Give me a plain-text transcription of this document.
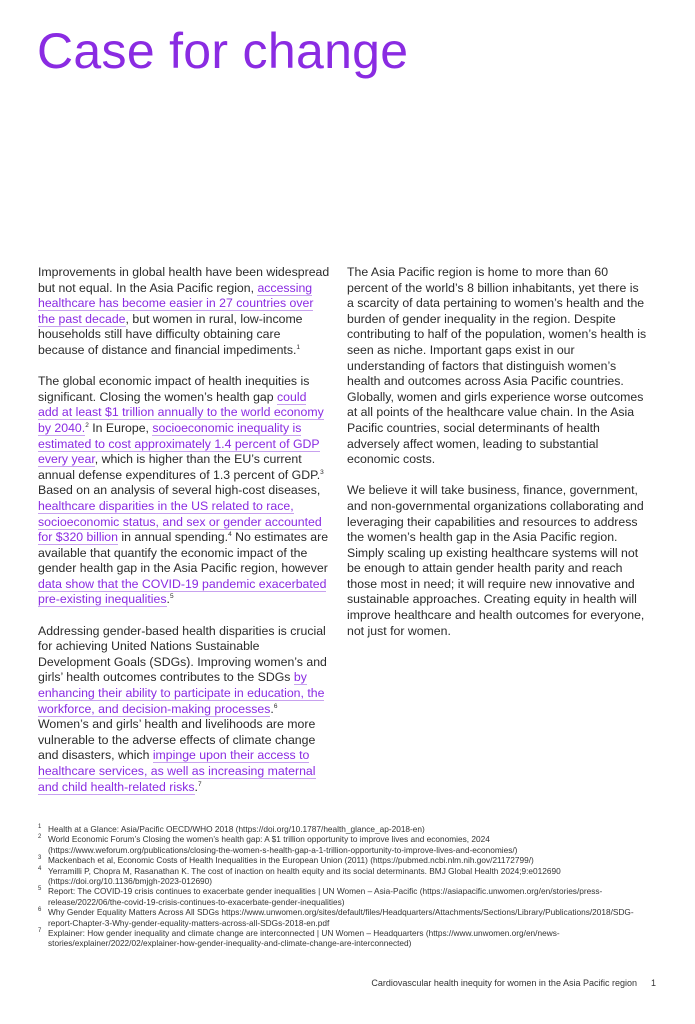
Case for change

Improvements in global health have been widespread but not equal. In the Asia Pacific region, accessing healthcare has become easier in 27 countries over the past decade, but women in rural, low-income households still have difficulty obtaining care because of distance and financial impediments.$^1$

The global economic impact of health inequities is significant. Closing the women’s health gap could add at least $1 trillion annually to the world economy by 2040.$^2$ In Europe, socioeconomic inequality is estimated to cost approximately 1.4 percent of GDP every year, which is higher than the EU’s current annual defense expenditures of 1.3 percent of GDP.$^3$ Based on an analysis of several high-cost diseases, healthcare disparities in the US related to race, socioeconomic status, and sex or gender accounted for $320 billion in annual spending.$^4$ No estimates are available that quantify the economic impact of the gender health gap in the Asia Pacific region, however data show that the COVID-19 pandemic exacerbated pre-existing inequalities.$^5$

Addressing gender-based health disparities is crucial for achieving United Nations Sustainable Development Goals (SDGs). Improving women’s and girls’ health outcomes contributes to the SDGs by enhancing their ability to participate in education, the workforce, and decision-making processes.$^6$ Women’s and girls’ health and livelihoods are more vulnerable to the adverse effects of climate change and disasters, which impinge upon their access to healthcare services, as well as increasing maternal and child health-related risks.$^7$

The Asia Pacific region is home to more than 60 percent of the world’s 8 billion inhabitants, yet there is a scarcity of data pertaining to women’s health and the burden of gender inequality in the region. Despite contributing to half of the population, women’s health is seen as niche. Important gaps exist in our understanding of factors that distinguish women’s health and outcomes across Asia Pacific countries. Globally, women and girls experience worse outcomes at all points of the healthcare value chain. In the Asia Pacific countries, social determinants of health adversely affect women, leading to substantial economic costs.

We believe it will take business, finance, government, and non-governmental organizations collaborating and leveraging their capabilities and resources to address the women’s health gap in the Asia Pacific region. Simply scaling up existing healthcare systems will not be enough to attain gender health parity and reach those most in need; it will require new innovative and sustainable approaches. Creating equity in health will improve healthcare and health outcomes for everyone, not just for women.

1 Health at a Glance: Asia/Pacific OECD/WHO 2018 (https://doi.org/10.1787/health_glance_ap-2018-en)
2 World Economic Forum’s Closing the women’s health gap: A $1 trillion opportunity to improve lives and economies, 2024 (https://www.weforum.org/publications/closing-the-women-s-health-gap-a-1-trillion-opportunity-to-improve-lives-and-economies/)
3 Mackenbach et al, Economic Costs of Health Inequalities in the European Union (2011) (https://pubmed.ncbi.nlm.nih.gov/21172799/)
4 Yerramilli P, Chopra M, Rasanathan K. The cost of inaction on health equity and its social determinants. BMJ Global Health 2024;9:e012690 (https://doi.org/10.1136/bmjgh-2023-012690)
5 Report: The COVID-19 crisis continues to exacerbate gender inequalities | UN Women – Asia-Pacific (https://asiapacific.unwomen.org/en/stories/press-release/2022/06/the-covid-19-crisis-continues-to-exacerbate-gender-inequalities)
6 Why Gender Equality Matters Across All SDGs https://www.unwomen.org/sites/default/files/Headquarters/Attachments/Sections/Library/Publications/2018/SDG-report-Chapter-3-Why-gender-equality-matters-across-all-SDGs-2018-en.pdf
7 Explainer: How gender inequality and climate change are interconnected | UN Women – Headquarters (https://www.unwomen.org/en/news-stories/explainer/2022/02/explainer-how-gender-inequality-and-climate-change-are-interconnected)
Cardiovascular health inequity for women in the Asia Pacific region 1
